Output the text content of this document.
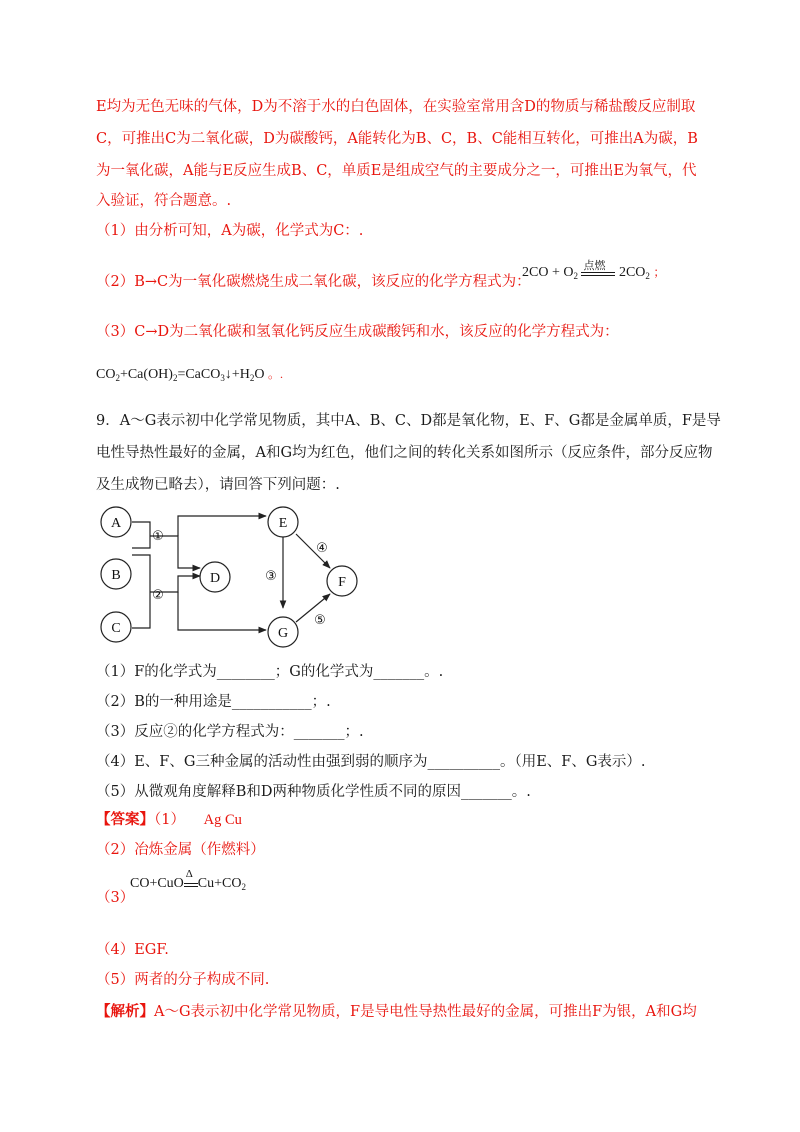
E均为无色无味的气体，D为不溶于水的白色固体，在实验室常用含D的物质与稀盐酸反应制取
C，可推出C为二氧化碳，D为碳酸钙，A能转化为B、C，B、C能相互转化，可推出A为碳，B
为一氧化碳，A能与E反应生成B、C，单质E是组成空气的主要成分之一，可推出E为氧气，代
入验证，符合题意。.
（1）由分析可知，A为碳，化学式为C：.
（2）B→C为一氧化碳燃烧生成二氧化碳，该反应的化学方程式为：
$2CO + O_2$
点燃 $2CO_2$ ；
（3）C→D为二氧化碳和氢氧化钙反应生成碳酸钙和水，该反应的化学方程式为：
$CO_2+Ca(OH)_2=CaCO_3↓+H_2O$ 。.
9．A～G表示初中化学常见物质，其中A、B、C、D都是氧化物，E、F、G都是金属单质，F是导
电性导热性最好的金属，A和G均为红色，他们之间的转化关系如图所示（反应条件，部分反应物
及生成物已略去），请回答下列问题：.
A
B
C
D
E
F
G
①
②
③
④
⑤
（1）F的化学式为________；G的化学式为_______。.
（2）B的一种用途是___________；.
（3）反应②的化学方程式为：_______；.
（4）E、F、G三种金属的活动性由强到弱的顺序为__________。（用E、F、G表示）.
（5）从微观角度解释B和D两种物质化学性质不同的原因_______。.
【答案】（1） Ag Cu
（2）冶炼金属（作燃料）
CO+CuO
Δ
$Cu+CO_2$
（3）
（4）EGF.
（5）两者的分子构成不同.
【解析】A～G表示初中化学常见物质，F是导电性导热性最好的金属，可推出F为银，A和G均
